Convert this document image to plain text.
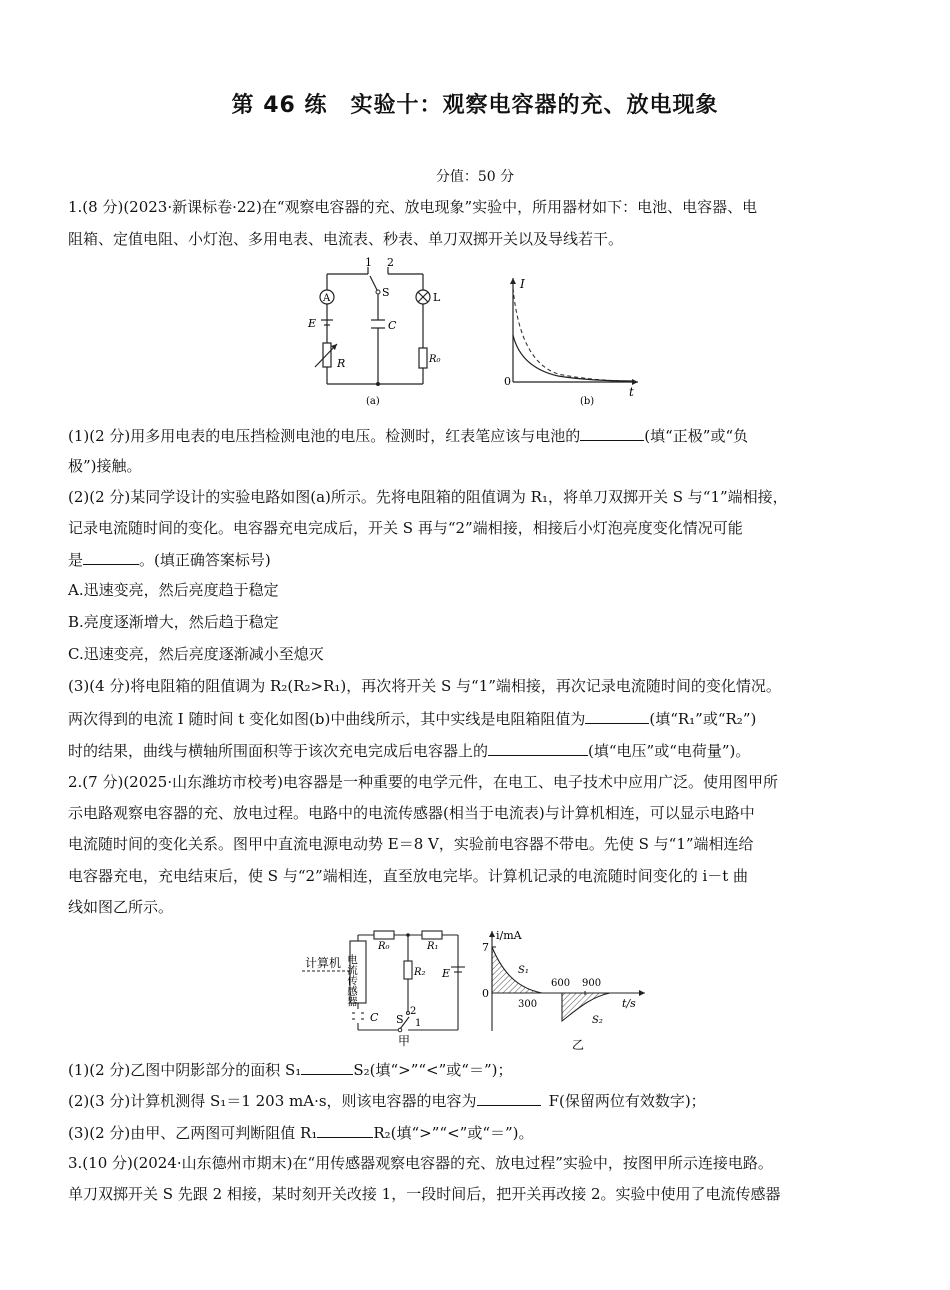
第 46 练　实验十：观察电容器的充、放电现象
分值：50 分
1.(8 分)(2023·新课标卷·22)在“观察电容器的充、放电现象”实验中，所用器材如下：电池、电容器、电
阻箱、定值电阻、小灯泡、多用电表、电流表、秒表、单刀双掷开关以及导线若干。
1 2
S
A	L
E	C
R	R₀
(a)
I
t
0
(b)
(1)(2 分)用多用电表的电压挡检测电池的电压。检测时，红表笔应该与电池的	(填“正极”或“负
极”)接触。
(2)(2 分)某同学设计的实验电路如图(a)所示。先将电阻箱的阻值调为 R₁，将单刀双掷开关 S 与“1”端相接，
记录电流随时间的变化。电容器充电完成后，开关 S 再与“2”端相接，相接后小灯泡亮度变化情况可能
是	。(填正确答案标号)
A.迅速变亮，然后亮度趋于稳定
B.亮度逐渐增大，然后趋于稳定
C.迅速变亮，然后亮度逐渐减小至熄灭
(3)(4 分)将电阻箱的阻值调为 R₂(R₂>R₁)，再次将开关 S 与“1”端相接，再次记录电流随时间的变化情况。
两次得到的电流 I 随时间 t 变化如图(b)中曲线所示，其中实线是电阻箱阻值为	(填“R₁”或“R₂”)
时的结果，曲线与横轴所围面积等于该次充电完成后电容器上的	(填“电压”或“电荷量”)。
2.(7 分)(2025·山东潍坊市校考)电容器是一种重要的电学元件，在电工、电子技术中应用广泛。使用图甲所
示电路观察电容器的充、放电过程。电路中的电流传感器(相当于电流表)与计算机相连，可以显示电路中
电流随时间的变化关系。图甲中直流电源电动势 E＝8 V，实验前电容器不带电。先使 S 与“1”端相连给
电容器充电，充电结束后，使 S 与“2”端相连，直至放电完毕。计算机记录的电流随时间变化的 i－t 曲
线如图乙所示。
计算机 电流传感器
R₀	R₁
R₂ E
C S 1
2
甲
i/mA
7
0
S₁
300
600 900
t/s
S₂
乙
(1)(2 分)乙图中阴影部分的面积 S₁	S₂(填“>”“<”或“＝”)；
(2)(3 分)计算机测得 S₁＝1 203 mA·s，则该电容器的电容为	F(保留两位有效数字)；
(3)(2 分)由甲、乙两图可判断阻值 R₁	R₂(填“>”“<”或“＝”)。
3.(10 分)(2024·山东德州市期末)在“用传感器观察电容器的充、放电过程”实验中，按图甲所示连接电路。
单刀双掷开关 S 先跟 2 相接，某时刻开关改接 1，一段时间后，把开关再改接 2。实验中使用了电流传感器
